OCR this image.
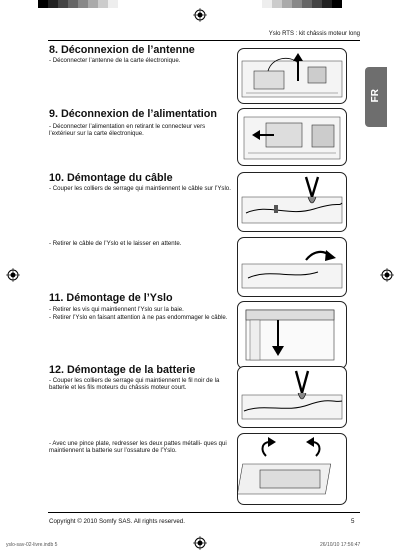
Yslo RTS : kit châssis moteur long
FR
8. Déconnexion de l’antenne
- Déconnecter l’antenne de la carte électronique.
9. Déconnexion de l’alimentation
- Déconnecter l’alimentation en retirant le connecteur vers l’extérieur sur la carte électronique.
10. Démontage du câble
- Couper les colliers de serrage qui maintiennent le câble sur l’Yslo.
- Retirer le câble de l’Yslo et le laisser en attente.
11. Démontage de l’Yslo
- Retirer les vis qui maintiennent l’Yslo sur la baie.
- Retirer l’Yslo en faisant attention à ne pas endommager le câble.
12. Démontage de la batterie
- Couper les colliers de serrage qui maintiennent le fil noir de la batterie et les fils moteurs du châssis moteur court.
- Avec une pince plate, redresser les deux pattes métalli- ques qui maintiennent la batterie sur l’ossature de l’Yslo.
Copyright © 2010 Somfy SAS. All rights reserved.	5
yslo-sav-02-livre.indb 5	26/10/10 17:56:47
